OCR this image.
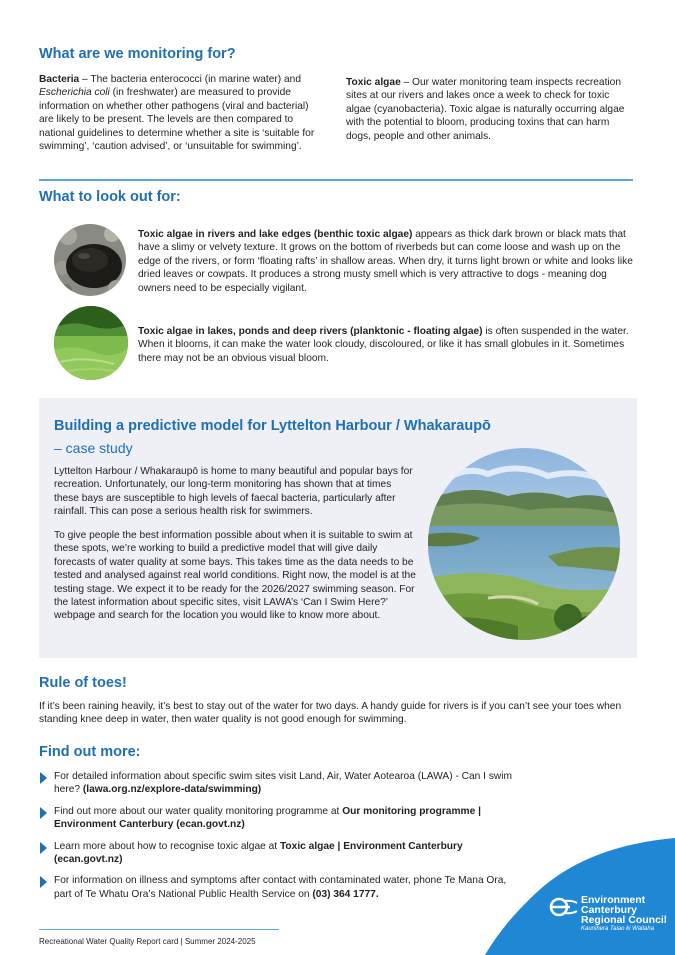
What are we monitoring for?
Bacteria – The bacteria enterococci (in marine water) and Escherichia coli (in freshwater) are measured to provide information on whether other pathogens (viral and bacterial) are likely to be present. The levels are then compared to national guidelines to determine whether a site is ‘suitable for swimming’, ‘caution advised’, or ‘unsuitable for swimming’.
Toxic algae – Our water monitoring team inspects recreation sites at our rivers and lakes once a week to check for toxic algae (cyanobacteria). Toxic algae is naturally occurring algae with the potential to bloom, producing toxins that can harm dogs, people and other animals.
What to look out for:
Toxic algae in rivers and lake edges (benthic toxic algae) appears as thick dark brown or black mats that have a slimy or velvety texture. It grows on the bottom of riverbeds but can come loose and wash up on the edge of the rivers, or form ‘floating rafts’ in shallow areas. When dry, it turns light brown or white and looks like dried leaves or cowpats. It produces a strong musty smell which is very attractive to dogs - meaning dog owners need to be especially vigilant.
Toxic algae in lakes, ponds and deep rivers (planktonic - floating algae) is often suspended in the water. When it blooms, it can make the water look cloudy, discoloured, or like it has small globules in it. Sometimes there may not be an obvious visual bloom.
Building a predictive model for Lyttelton Harbour / Whakaraupō
– case study
Lyttelton Harbour / Whakaraupō is home to many beautiful and popular bays for recreation. Unfortunately, our long-term monitoring has shown that at times these bays are susceptible to high levels of faecal bacteria, particularly after rainfall. This can pose a serious health risk for swimmers.
To give people the best information possible about when it is suitable to swim at these spots, we’re working to build a predictive model that will give daily forecasts of water quality at some bays. This takes time as the data needs to be tested and analysed against real world conditions. Right now, the model is at the testing stage. We expect it to be ready for the 2026/2027 swimming season. For the latest information about specific sites, visit LAWA’s ‘Can I Swim Here?’ webpage and search for the location you would like to know more about.
Rule of toes!
If it’s been raining heavily, it’s best to stay out of the water for two days. A handy guide for rivers is if you can’t see your toes when standing knee deep in water, then water quality is not good enough for swimming.
Find out more:
For detailed information about specific swim sites visit Land, Air, Water Aotearoa (LAWA) - Can I swim here? (lawa.org.nz/explore-data/swimming)
Find out more about our water quality monitoring programme at Our monitoring programme | Environment Canterbury (ecan.govt.nz)
Learn more about how to recognise toxic algae at Toxic algae | Environment Canterbury (ecan.govt.nz)
For information on illness and symptoms after contact with contaminated water, phone Te Mana Ora, part of Te Whatu Ora’s National Public Health Service on (03) 364 1777.
Recreational Water Quality Report card | Summer 2024-2025
Environment
Canterbury
Regional Council
Kaunihera Taiao ki Waitaha
